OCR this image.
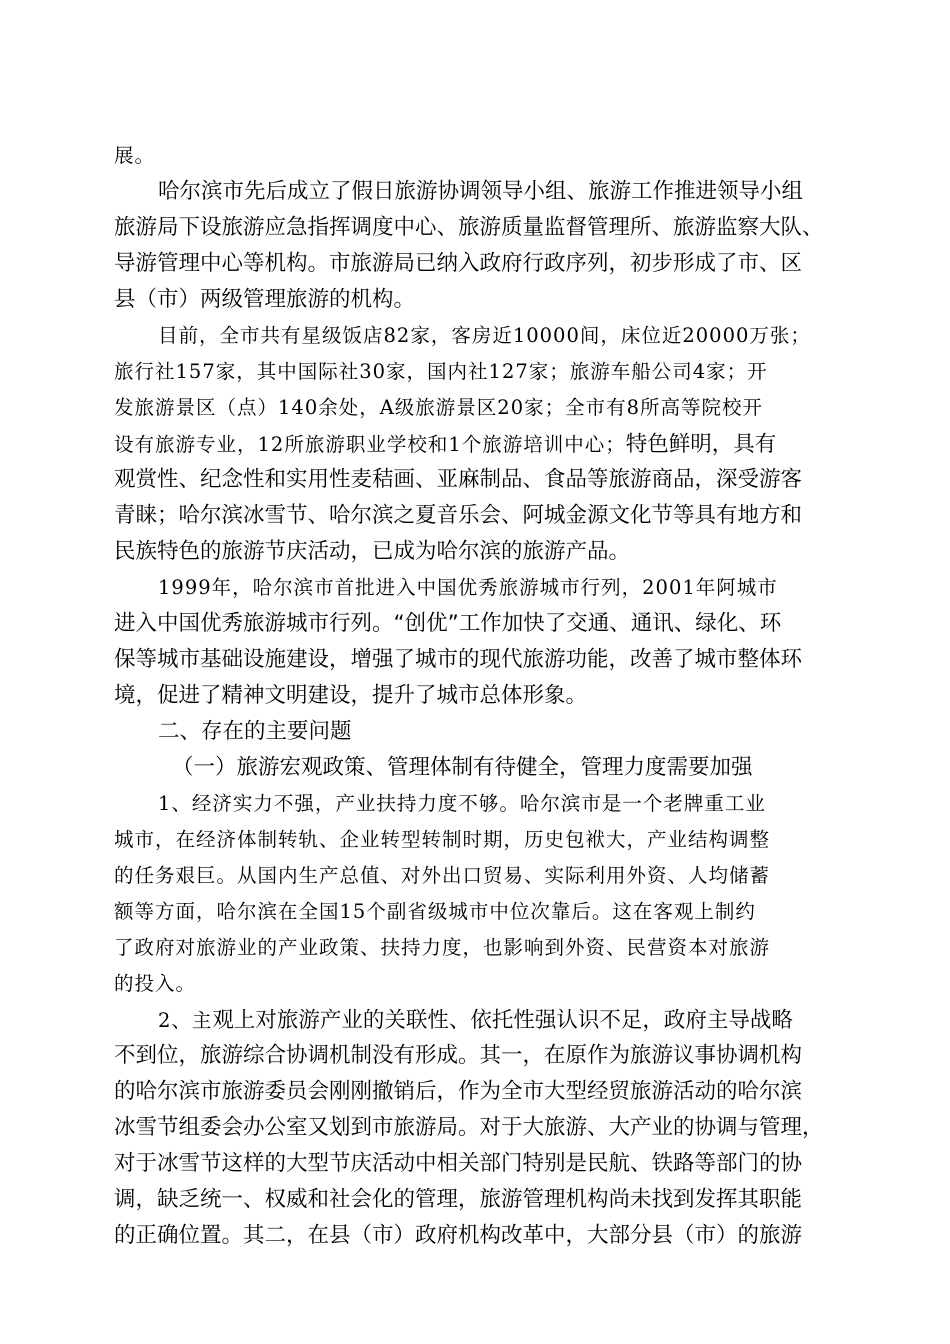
展。
哈尔滨市先后成立了假日旅游协调领导小组、旅游工作推进领导小组
旅游局下设旅游应急指挥调度中心、旅游质量监督管理所、旅游监察大队、
导游管理中心等机构。市旅游局已纳入政府行政序列，初步形成了市、区
县（市）两级管理旅游的机构。
目前，全市共有星级饭店82家，客房近10000间，床位近20000万张；
旅行社157家，其中国际社30家，国内社127家；旅游车船公司4家；开
发旅游景区（点）140余处，A级旅游景区20家；全市有8所高等院校开
设有旅游专业，12所旅游职业学校和1个旅游培训中心；特色鲜明，具有
观赏性、纪念性和实用性麦秸画、亚麻制品、食品等旅游商品，深受游客
青睐；哈尔滨冰雪节、哈尔滨之夏音乐会、阿城金源文化节等具有地方和
民族特色的旅游节庆活动，已成为哈尔滨的旅游产品。
1999年，哈尔滨市首批进入中国优秀旅游城市行列，2001年阿城市
进入中国优秀旅游城市行列。“创优”工作加快了交通、通讯、绿化、环
保等城市基础设施建设，增强了城市的现代旅游功能，改善了城市整体环
境，促进了精神文明建设，提升了城市总体形象。
二、存在的主要问题
（一）旅游宏观政策、管理体制有待健全，管理力度需要加强
1、经济实力不强，产业扶持力度不够。哈尔滨市是一个老牌重工业
城市，在经济体制转轨、企业转型转制时期，历史包袱大，产业结构调整
的任务艰巨。从国内生产总值、对外出口贸易、实际利用外资、人均储蓄
额等方面，哈尔滨在全国15个副省级城市中位次靠后。这在客观上制约
了政府对旅游业的产业政策、扶持力度，也影响到外资、民营资本对旅游
的投入。
2、主观上对旅游产业的关联性、依托性强认识不足，政府主导战略
不到位，旅游综合协调机制没有形成。其一，在原作为旅游议事协调机构
的哈尔滨市旅游委员会刚刚撤销后，作为全市大型经贸旅游活动的哈尔滨
冰雪节组委会办公室又划到市旅游局。对于大旅游、大产业的协调与管理，
对于冰雪节这样的大型节庆活动中相关部门特别是民航、铁路等部门的协
调，缺乏统一、权威和社会化的管理，旅游管理机构尚未找到发挥其职能
的正确位置。其二，在县（市）政府机构改革中，大部分县（市）的旅游
